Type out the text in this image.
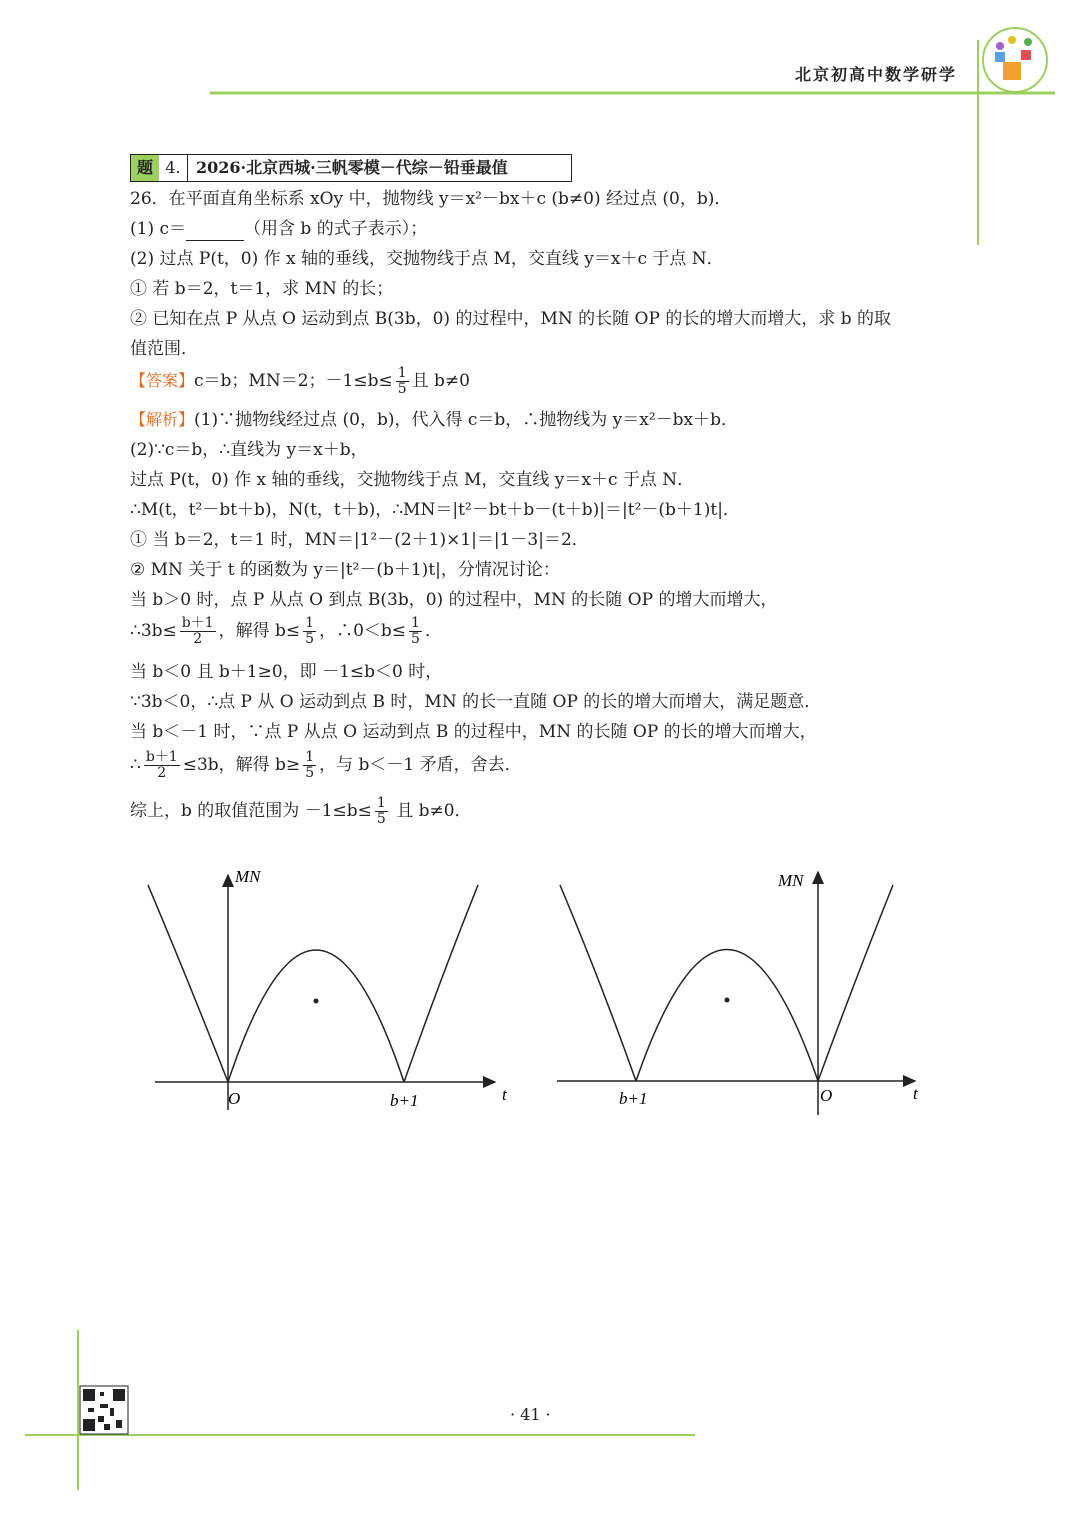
北京初高中数学研学
题 4. 2026·北京西城·三帆零模－代综－铅垂最值
26．在平面直角坐标系 xOy 中，抛物线 y＝x²－bx＋c (b≠0) 经过点 (0，b)．
(1) c＝	（用含 b 的式子表示）；
(2) 过点 P(t，0) 作 x 轴的垂线，交抛物线于点 M，交直线 y＝x＋c 于点 N．
① 若 b＝2，t＝1，求 MN 的长；
② 已知在点 P 从点 O 运动到点 B(3b，0) 的过程中，MN 的长随 OP 的长的增大而增大，求 b 的取
值范围．
【答案】c＝b；MN＝2；$-1\le b\le \frac{1}{5}$ 且 b≠0
【解析】(1)∵抛物线经过点 (0，b)，代入得 c＝b，∴抛物线为 y＝x²－bx＋b．
(2)∵c＝b，∴直线为 y＝x＋b，
过点 P(t，0) 作 x 轴的垂线，交抛物线于点 M，交直线 y＝x＋c 于点 N．
∴M(t，t²－bt＋b)，N(t，t＋b)，∴MN＝|t²－bt＋b－(t＋b)|＝|t²－(b＋1)t|．
① 当 b＝2，t＝1 时，MN＝|1²－(2＋1)×1|＝|1－3|＝2．
② MN 关于 t 的函数为 y＝|t²－(b＋1)t|，分情况讨论：
当 b＞0 时，点 P 从点 O 到点 B(3b，0) 的过程中，MN 的长随 OP 的增大而增大，
∴3b≤ $\frac{b+1}{2}$ ，解得 $b\le \frac{1}{5}$ ，∴0＜b≤ $\frac{1}{5}$ ．
当 b＜0 且 b＋1≥0，即 －1≤b＜0 时，
∵3b＜0，∴点 P 从 O 运动到点 B 时，MN 的长一直随 OP 的长的增大而增大，满足题意．
当 b＜－1 时，∵点 P 从点 O 运动到点 B 的过程中，MN 的长随 OP 的长的增大而增大，
∴ $\frac{b+1}{2} \le 3b$，解得 $b\ge \frac{1}{5}$ ，与 b＜－1 矛盾，舍去．
综上，b 的取值范围为 $-1\le b\le \frac{1}{5}$ 且 b≠0．
MN
O	b+1	t
MN
b+1	O	t
· 41 ·
